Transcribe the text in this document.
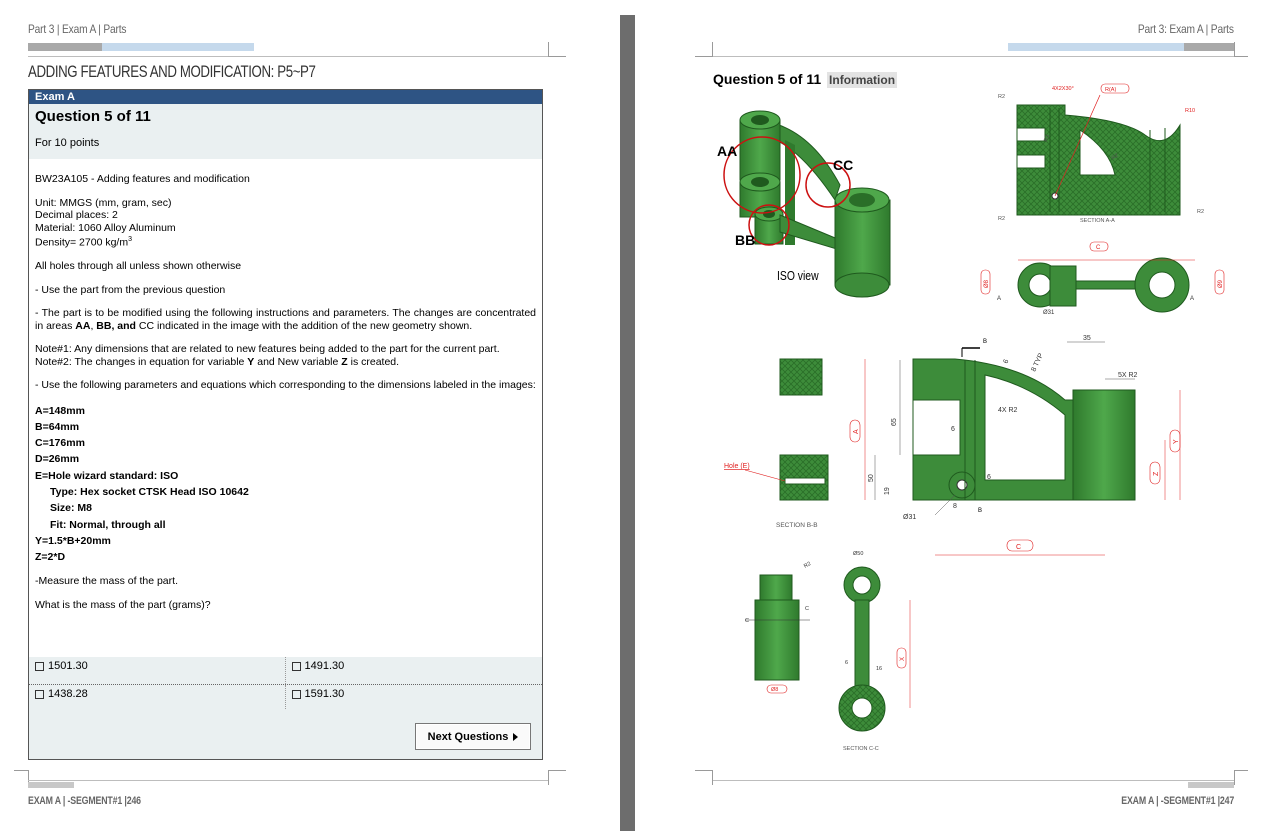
Part 3 | Exam A | Parts
ADDING FEATURES AND MODIFICATION: P5~P7
Exam A
Question 5 of 11
For 10 points

BW23A105 - Adding features and modification

Unit: MMGS (mm, gram, sec)
Decimal places: 2
Material: 1060 Alloy Aluminum
Density= 2700 $kg/m^3$

All holes through all unless shown otherwise

- Use the part from the previous question

- The part is to be modified using the following instructions and parameters. The changes are concentrated in areas AA, BB, and CC indicated in the image with the addition of the new geometry shown.

Note#1: Any dimensions that are related to new features being added to the part for the current part.
Note#2: The changes in equation for variable Y and New variable Z is created.

- Use the following parameters and equations which corresponding to the dimensions labeled in the images:

A=148mm
B=64mm
C=176mm
D=26mm
E=Hole wizard standard: ISO
Type: Hex socket CTSK Head ISO 10642
Size: M8
Fit: Normal, through all
Y=1.5*B+20mm
Z=2*D

-Measure the mass of the part.

What is the mass of the part (grams)?

1501.30	1491.30
1438.28	1591.30
Next Questions
EXAM A | -SEGMENT#1 |246
Part 3: Exam A | Parts
Question 5 of 11 Information
AA
BB
CC
ISO view
SECTION A-A
R2
R2
R2
R2
R10
R(A)
4X2X30°
R3
C
Ø31
A	A
Ø8	Ø9
Hole (E)
SECTION B-B
B
B
35
5X R2
4X R2
6
6
6	8 TYP
65
50
19
8
Ø31
A
Y
Z
C
Ø8
C
C
R2
Ø50
6
16
X
SECTION C-C
EXAM A | -SEGMENT#1 |247
